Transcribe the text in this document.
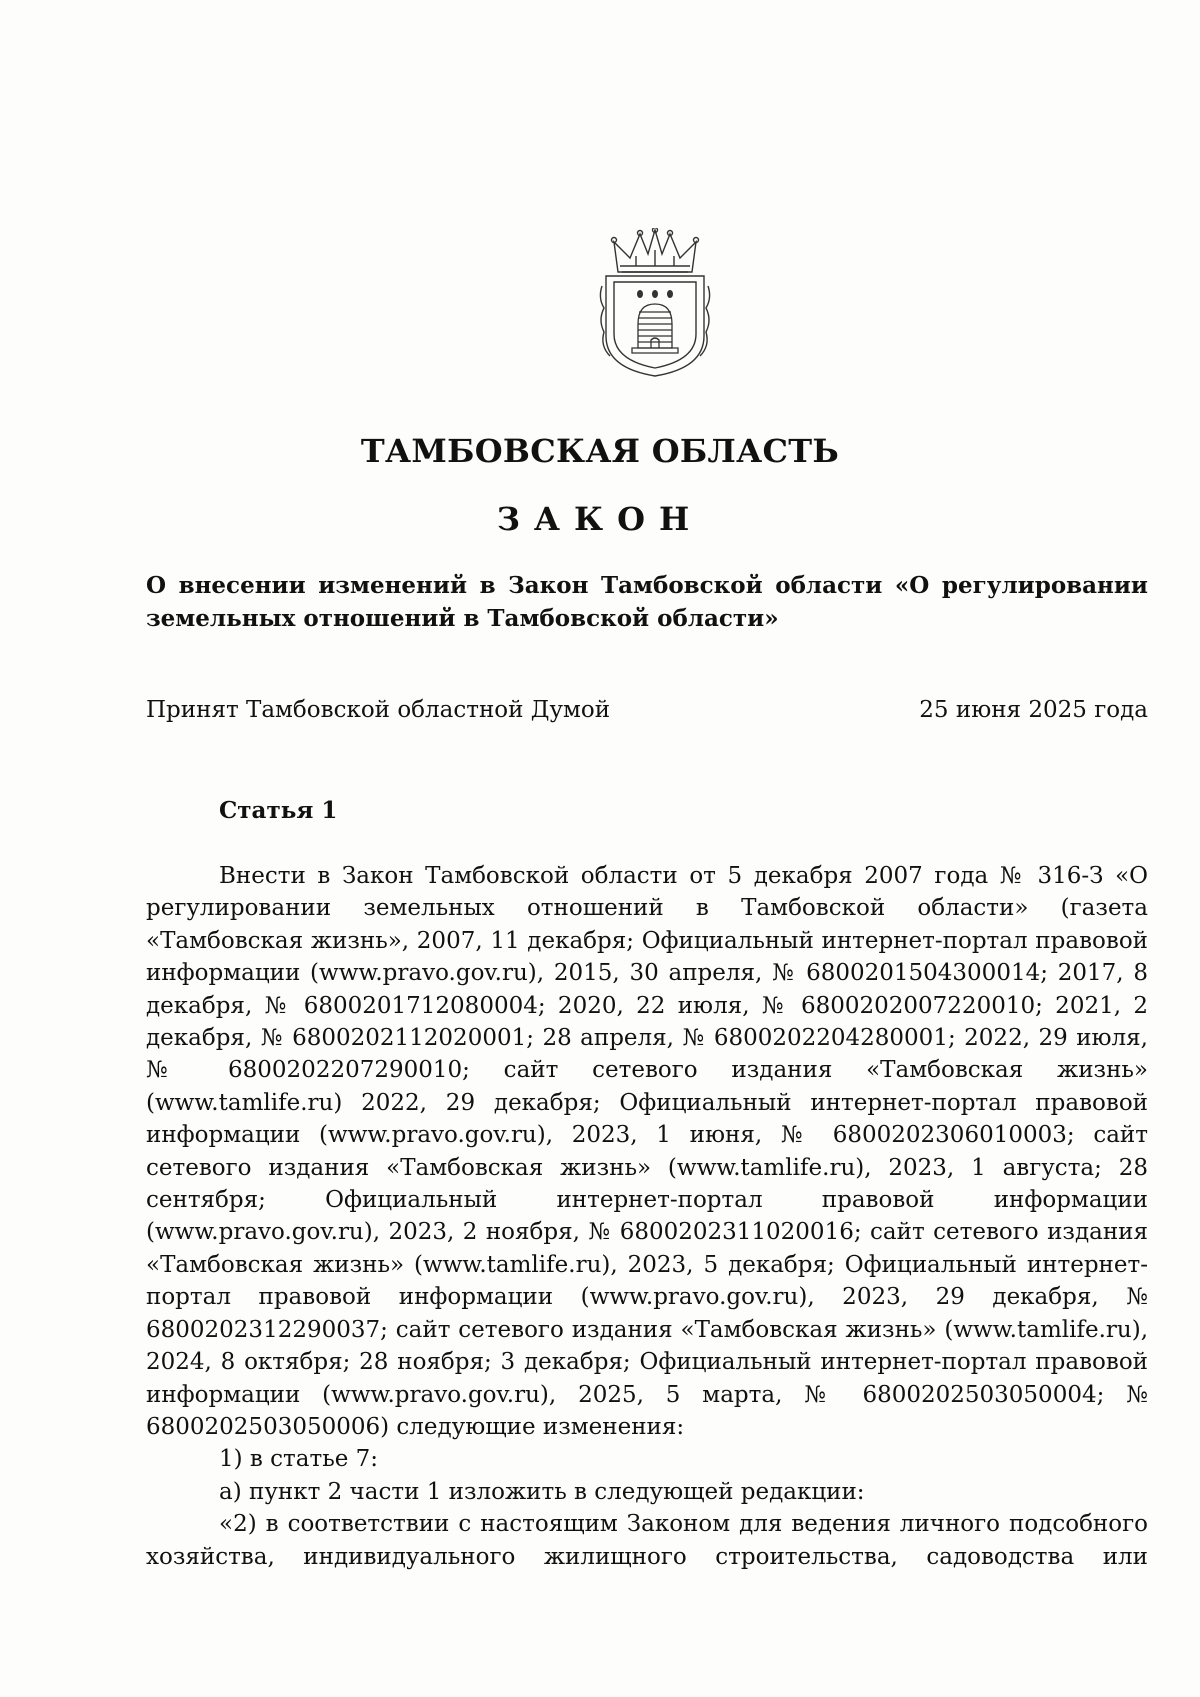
ТАМБОВСКАЯ ОБЛАСТЬ
ЗАКОН
О внесении изменений в Закон Тамбовской области «О регулировании земельных отношений в Тамбовской области»
Принят Тамбовской областной Думой	25 июня 2025 года
Статья 1

Внести в Закон Тамбовской области от 5 декабря 2007 года № 316-З «О регулировании земельных отношений в Тамбовской области» (газета «Тамбовская жизнь», 2007, 11 декабря; Официальный интернет-портал правовой информации (www.pravo.gov.ru), 2015, 30 апреля, № 6800201504300014; 2017, 8 декабря, № 6800201712080004; 2020, 22 июля, № 6800202007220010; 2021, 2 декабря, № 6800202112020001; 28 апреля, № 6800202204280001; 2022, 29 июля, № 6800202207290010; сайт сетевого издания «Тамбовская жизнь» (www.tamlife.ru) 2022, 29 декабря; Официальный интернет-портал правовой информации (www.pravo.gov.ru), 2023, 1 июня, № 6800202306010003; сайт сетевого издания «Тамбовская жизнь» (www.tamlife.ru), 2023, 1 августа; 28 сентября; Официальный интернет-портал правовой информации (www.pravo.gov.ru), 2023, 2 ноября, № 6800202311020016; сайт сетевого издания «Тамбовская жизнь» (www.tamlife.ru), 2023, 5 декабря; Официальный интернет-портал правовой информации (www.pravo.gov.ru), 2023, 29 декабря, № 6800202312290037; сайт сетевого издания «Тамбовская жизнь» (www.tamlife.ru), 2024, 8 октября; 28 ноября; 3 декабря; Официальный интернет-портал правовой информации (www.pravo.gov.ru), 2025, 5 марта, № 6800202503050004; № 6800202503050006) следующие изменения:

1) в статье 7:

а) пункт 2 части 1 изложить в следующей редакции:

«2) в соответствии с настоящим Законом для ведения личного подсобного хозяйства, индивидуального жилищного строительства, садоводства или
